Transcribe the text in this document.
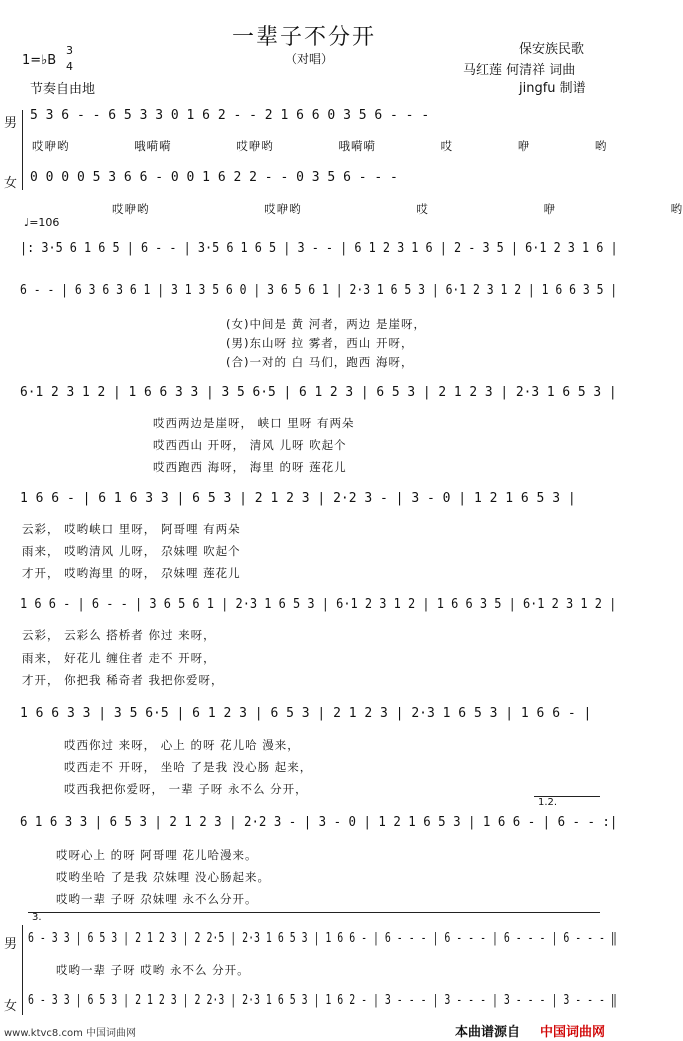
一辈子不分开
（对唱）
保安族民歌
马红莲 何清祥 词曲
jingfu 制谱
1=♭B
3
4
节奏自由地
男
5 3 6 - - 6 5 3 3 0 1 6 2 - - 2 1 6 6 0 3 5 6 - - -
哎咿哟	哦嗬嗬	哎咿哟	哦嗬嗬	哎 咿 哟
女 0 0 0 0 5 3 6 6 - 0 0 1 6 2 2 - - 0 3 5 6 - - -
哎咿哟	哎咿哟	哎 咿 哟
♩=106
|: 3·5 6 1 6 5 | 6 - - | 3·5 6 1 6 5 | 3 - - | 6 1 2 3 1 6 | 2 - 3 5 | 6·1 2 3 1 6 |
6 - - | 6 3 6 3 6 1 | 3 1 3 5 6 0 | 3 6 5 6 1 | 2·3 1 6 5 3 | 6·1 2 3 1 2 | 1 6 6 3 5 |
(女)中间是 黄 河者，两边 是崖呀，
(男)东山呀 拉 雾者，西山 开呀，
(合)一对的 白 马们，跑西 海呀，
6·1 2 3 1 2 | 1 6 6 3 3 | 3 5 6·5 | 6 1 2 3 | 6 5 3 | 2 1 2 3 | 2·3 1 6 5 3 |
哎西两边是崖呀， 峡口 里呀 有两朵
哎西西山 开呀， 清风 儿呀 吹起个
哎西跑西 海呀， 海里 的呀 莲花儿
1 6 6 - | 6 1 6 3 3 | 6 5 3 | 2 1 2 3 | 2·2 3 - | 3 - 0 | 1 2 1 6 5 3 |
云彩， 哎哟峡口 里呀， 阿哥哩 有两朵
雨来， 哎哟清风 儿呀， 尕妹哩 吹起个
才开， 哎哟海里 的呀， 尕妹哩 莲花儿
1 6 6 - | 6 - - | 3 6 5 6 1 | 2·3 1 6 5 3 | 6·1 2 3 1 2 | 1 6 6 3 5 | 6·1 2 3 1 2 |
云彩， 云彩么 搭桥者 你过 来呀，
雨来， 好花儿 缠住者 走不 开呀，
才开， 你把我 稀奇者 我把你爱呀，
1 6 6 3 3 | 3 5 6·5 | 6 1 2 3 | 6 5 3 | 2 1 2 3 | 2·3 1 6 5 3 | 1 6 6 - |
哎西你过 来呀， 心上 的呀 花儿哈 漫来，
哎西走不 开呀， 坐哈 了是我 没心肠 起来，
哎西我把你爱呀， 一辈 子呀 永不么 分开，
1.2.
6 1 6 3 3 | 6 5 3 | 2 1 2 3 | 2·2 3 - | 3 - 0 | 1 2 1 6 5 3 | 1 6 6 - | 6 - - :|
哎呀心上 的呀 阿哥哩 花儿哈漫来。
哎哟坐哈 了是我 尕妹哩 没心肠起来。
哎哟一辈 子呀 尕妹哩 永不么分开。
3.
男 6 - 3 3 | 6 5 3 | 2 1 2 3 | 2 2·5 | 2·3 1 6 5 3 | 1 6 6 - | 6 - - - | 6 - - - | 6 - - - | 6 - - - ‖
哎哟一辈 子呀 哎哟 永不么 分开。
女 6 - 3 3 | 6 5 3 | 2 1 2 3 | 2 2·3 | 2·3 1 6 5 3 | 1 6 2 - | 3 - - - | 3 - - - | 3 - - - | 3 - - - ‖
www.ktvc8.com 中国词曲网	本曲谱源自 中国词曲网
